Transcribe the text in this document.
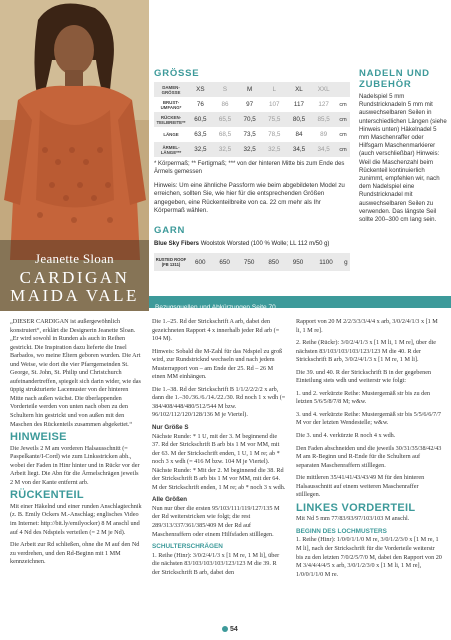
Jeanette Sloan
CARDIGAN
MAIDA VALE
GRÖSSE
DAMEN-GRÖSSE	XS	S	M	L	XL	XXL	
BRUST-UMFANG*	76	86	97	107	117	127	cm
RÜCKEN-TEILBREITE**	60,5	65,5	70,5	75,5	80,5	85,5	cm
LÄNGE	63,5	68,5	73,5	78,5	84	89	cm
ÄRMEL-LÄNGE***	32,5	32,5	32,5	32,5	34,5	34,5	cm
* Körpermaß; ** Fertigmaß; *** von der hinteren Mitte bis zum Ende des Ärmels gemessen
Hinweis: Um eine ähnliche Passform wie beim abgebildeten Model zu erreichen, sollten Sie, wie hier für die entsprechenden Größen angegeben, eine Rückenteilbreite von ca. 22 cm mehr als Ihr Körpermaß wählen.
GARN
Blue Sky Fibers Woolstok Worsted (100 % Wolle; LL 112 m/50 g)
RUSTED ROOF (FB 1311)	600	650	750	850	950	1100	g
NADELN UND
ZUBEHÖR
Nadelspiel 5 mm Rundstricknadeln 5 mm mit auswechselbaren Seilen in unterschiedlichen Längen (siehe Hinweis unten) Häkelnadel 5 mm Maschenraffer oder Hilfsgarn Maschenmarkierer (auch verschließbar) Hinweis: Weil die Maschenzahl beim Rückenteil kontinuierlich zunimmt, empfehlen wir, nach dem Nadelspiel eine Rundstricknadel mit auswechselbaren Seilen zu verwenden. Das längste Seil sollte 200–300 cm lang sein.
Bezugsquellen und Abkürzungen Seite 70

„DIESER CARDIGAN ist außergewöhnlich konstruiert“, erklärt die Designerin Jeanette Sloan. „Er wird sowohl in Runden als auch in Reihen gestrickt. Die Inspiration dazu lieferte die Insel Barbados, wo meine Eltern geboren wurden. Die Art und Weise, wie dort die vier Pfarrgemeinden St. George, St. John, St. Philip und Christchurch aufeinandertreffen, spiegelt sich darin wider, wie das üppig strukturierte Lacemuster von der hinteren Mitte nach außen wächst. Die überlappenden Vorderteile werden von unten nach oben zu den Schultern hin gestrickt und von außen mit den Maschen des Rückenteils zusammen abgekettet.“

HINWEISE

Die Jeweils 2 M am vorderen Halsausschnitt (= Paspelkante/I-Cord) wie zum Linksstricken abh., wobei der Faden in Hinr hinter und in Rückr vor der Arbeit liegt. Die Abn für die Ärmelschrägen jeweils 2 M von der Kante entfernt arb.

RÜCKENTEIL

Mit einer Häkelnd und einer runden Anschlagtechnik (z. B. Emily Ockers M.-Anschlag; englisches Video im Internet: http://bit.ly/emilyocker) 8 M anschl und auf 4 Nd des Ndspiels verteilen (= 2 M je Nd).

Die Arbeit zur Rd schließen, ohne die M auf den Nd zu verdrehen, und den Rd-Beginn mit 1 MM kennzeichnen.

Die 1.–25. Rd der Strickschrift A arb, dabei den gezeichneten Rapport 4 x innerhalb jeder Rd arb (= 104 M).

Hinweis: Sobald die M-Zahl für das Ndspiel zu groß wird, zur Rundstricknd wechseln und nach jedem Musterrapport von – am Ende der 25. Rd – 26 M einen MM einhängen.

Die 1.–38. Rd der Strickschrift B 1/1/2/2/2/2 x arb, dann die 1.–30./36./6./14./22./30. Rd noch 1 x wdh (= 384/408/448/480/512/544 M bzw. 96/102/112/120/128/136 M je Viertel).

Nur Größe S

Nächste Runde: * 1 U, mit der 3. M beginnend die 37. Rd der Strickschrift B arb bis 1 M vor MM, mit der 63. M der Strickschrift enden, 1 U, 1 M re; ab * noch 3 x wdh (= 416 M bzw. 104 M je Viertel). Nächste Runde: * Mit der 2. M beginnend die 38. Rd der Strickschrift B arb bis 1 M vor MM, mit der 64. M der Strickschrift enden, 1 M re; ab * noch 3 x wdh.

Alle Größen

Nun nur über die ersten 95/103/111/119/127/135 M der Rd weiterstricken wie folgt; die rest 289/313/337/361/385/409 M der Rd auf Maschenraffern oder einem Hilfsfaden stilllegen.

SCHULTERSCHRÄGEN

1. Reihe (Hinr): 3/0/2/4/1/3 x [1 M re, 1 M li], über die nächsten 83/103/103/103/123/123 M die 39. R der Strickschrift B arb, dabei den

Rapport von 20 M 2/2/3/3/3/4/4 x arb, 3/0/2/4/1/3 x [1 M li, 1 M re].

2. Reihe (Rückr): 3/0/2/4/1/3 x [1 M li, 1 M re], über die nächsten 83/103/103/103/123/123 M die 40. R der Strickschrift B arb, 3/0/2/4/1/3 x [1 M re, 1 M li].

Die 39. und 40. R der Strickschrift B in der gegebenen Einteilung stets wdh und weiterstr wie folgt:

1. und 2. verkürzte Reihe: Mustergemäß str bis zu den letzten 5/6/5/8/7/8 M; w&w.

3. und 4. verkürzte Reihe: Mustergemäß str bis 5/5/6/6/7/7 M vor der letzten Wendestelle; w&w.

Die 3. und 4. verkürzte R noch 4 x wdh.

Den Faden abschneiden und die jeweils 30/31/35/38/42/43 M am R-Beginn und R-Ende für die Schultern auf separaten Maschenraffern stilllegen.

Die mittleren 35/41/41/43/43/49 M für den hinteren Halsausschnitt auf einem weiteren Maschenraffer stilllegen.

LINKES VORDERTEIL

Mit Nd 5 mm 77/83/93/97/103/103 M anschl.

BEGINN DES LOCHMUSTERS

1. Reihe (Hinr): 1/0/0/1/1/0 M re, 3/0/1/2/3/0 x [1 M re, 1 M li], nach der Strickschrift für die Vorderteile weiterstr bis zu den letzten 7/0/2/5/7/0 M, dabei den Rapport von 20 M 3/4/4/4/4/5 x arb, 3/0/1/2/3/0 x [1 M li, 1 M re], 1/0/0/1/1/0 M re.

54
